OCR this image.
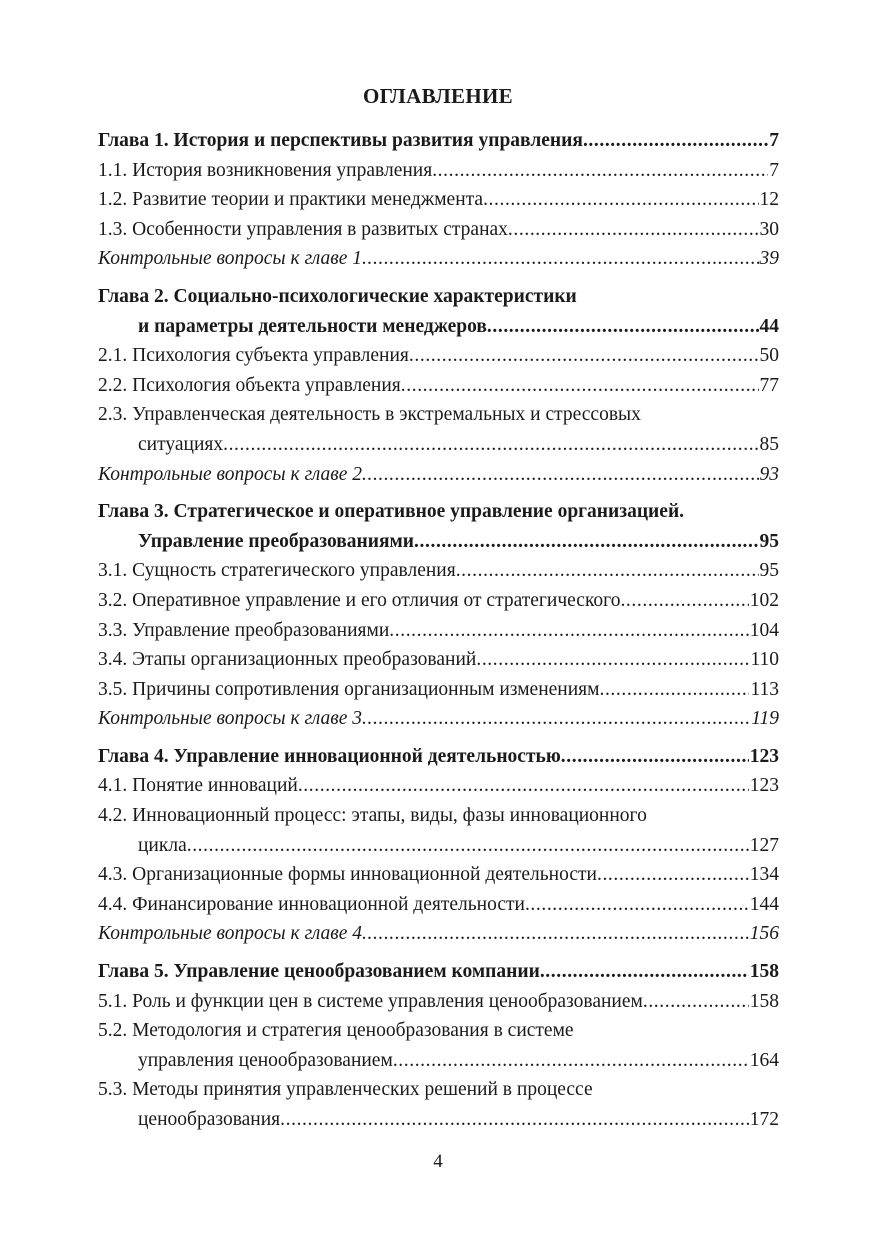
ОГЛАВЛЕНИЕ
Глава 1. История и перспективы развития управления .....	7
1.1. История возникновения управления .....	7
1.2. Развитие теории и практики менеджмента .....	12
1.3. Особенности управления в развитых странах .....	30
Контрольные вопросы к главе 1 .....	39
Глава 2. Социально-психологические характеристики
и параметры деятельности менеджеров .....	44
2.1. Психология субъекта управления .....	50
2.2. Психология объекта управления .....	77
2.3. Управленческая деятельность в экстремальных и стрессовых
ситуациях .....	85
Контрольные вопросы к главе 2 .....	93
Глава 3. Стратегическое и оперативное управление организацией.
Управление преобразованиями .....	95
3.1. Сущность стратегического управления .....	95
3.2. Оперативное управление и его отличия от стратегического .....	102
3.3. Управление преобразованиями .....	104
3.4. Этапы организационных преобразований .....	110
3.5. Причины сопротивления организационным изменениям .....	113
Контрольные вопросы к главе 3 .....	119
Глава 4. Управление инновационной деятельностью .....	123
4.1. Понятие инноваций .....	123
4.2. Инновационный процесс: этапы, виды, фазы инновационного
цикла .....	127
4.3. Организационные формы инновационной деятельности .....	134
4.4. Финансирование инновационной деятельности .....	144
Контрольные вопросы к главе 4 .....	156
Глава 5. Управление ценообразованием компании .....	158
5.1. Роль и функции цен в системе управления ценообразованием .....	158
5.2. Методология и стратегия ценообразования в системе
управления ценообразованием .....	164
5.3. Методы принятия управленческих решений в процессе
ценообразования .....	172
4
